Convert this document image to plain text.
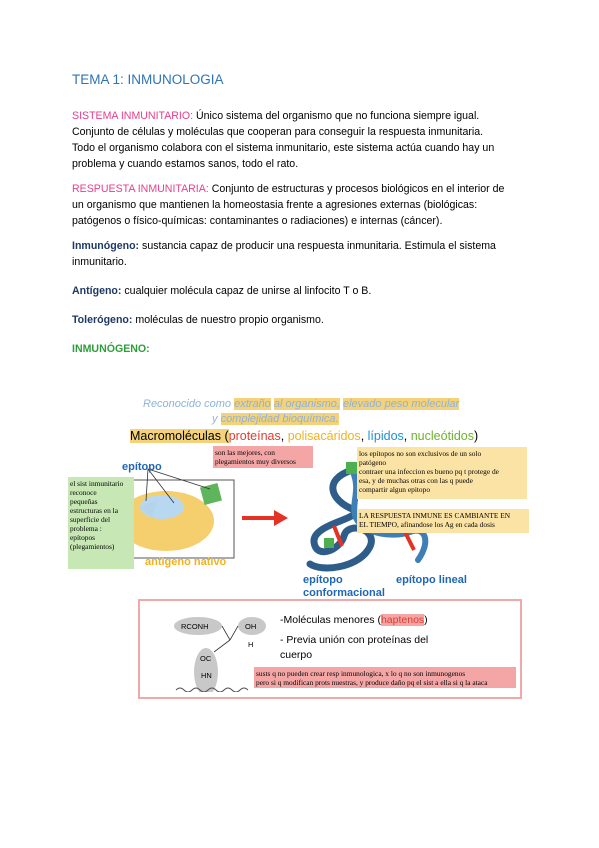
TEMA 1: INMUNOLOGIA
SISTEMA INMUNITARIO: Único sistema del organismo que no funciona siempre igual.
Conjunto de células y moléculas que cooperan para conseguir la respuesta inmunitaria.
Todo el organismo colabora con el sistema inmunitario, este sistema actúa cuando hay un
problema y cuando estamos sanos, todo el rato.
RESPUESTA INMUNITARIA: Conjunto de estructuras y procesos biológicos en el interior de
un organismo que mantienen la homeostasia frente a agresiones externas (biológicas:
patógenos o físico-químicas: contaminantes o radiaciones) e internas (cáncer).
Inmunógeno: sustancia capaz de producir una respuesta inmunitaria. Estimula el sistema
inmunitario.
Antígeno: cualquier molécula capaz de unirse al linfocito T o B.
Tolerógeno: moléculas de nuestro propio organismo.
INMUNÓGENO:
Reconocido como extraño al organismo, elevado peso molecular
y complejidad bioquímica.
Macromoléculas (proteínas, polisacáridos, lípidos, nucleótidos)
son las mejores, con
plegamientos muy diversos
epítopo
el sist inmunitario
reconoce
pequeñas
estructuras en la
superficie del
problema :
epítopos
(plegamientos)
antígeno nativo
los epítopos no son exclusivos de un solo
patógeno
contraer una infeccion es bueno pq t protege de
esa, y de muchas otras con las q puede
compartir algun epitopo
LA RESPUESTA INMUNE ES CAMBIANTE EN
EL TIEMPO, afinandose los Ag en cada dosis
epítopo
conformacional
epítopo lineal
RCONH	OH
H
OC
HN
-Moléculas menores (haptenos)
- Previa unión con proteínas del
cuerpo
susts q no pueden crear resp inmunologica, x lo q no son inmunogenos
pero si q modifican prots nuestras, y produce daño pq el sist a ella si q la ataca
